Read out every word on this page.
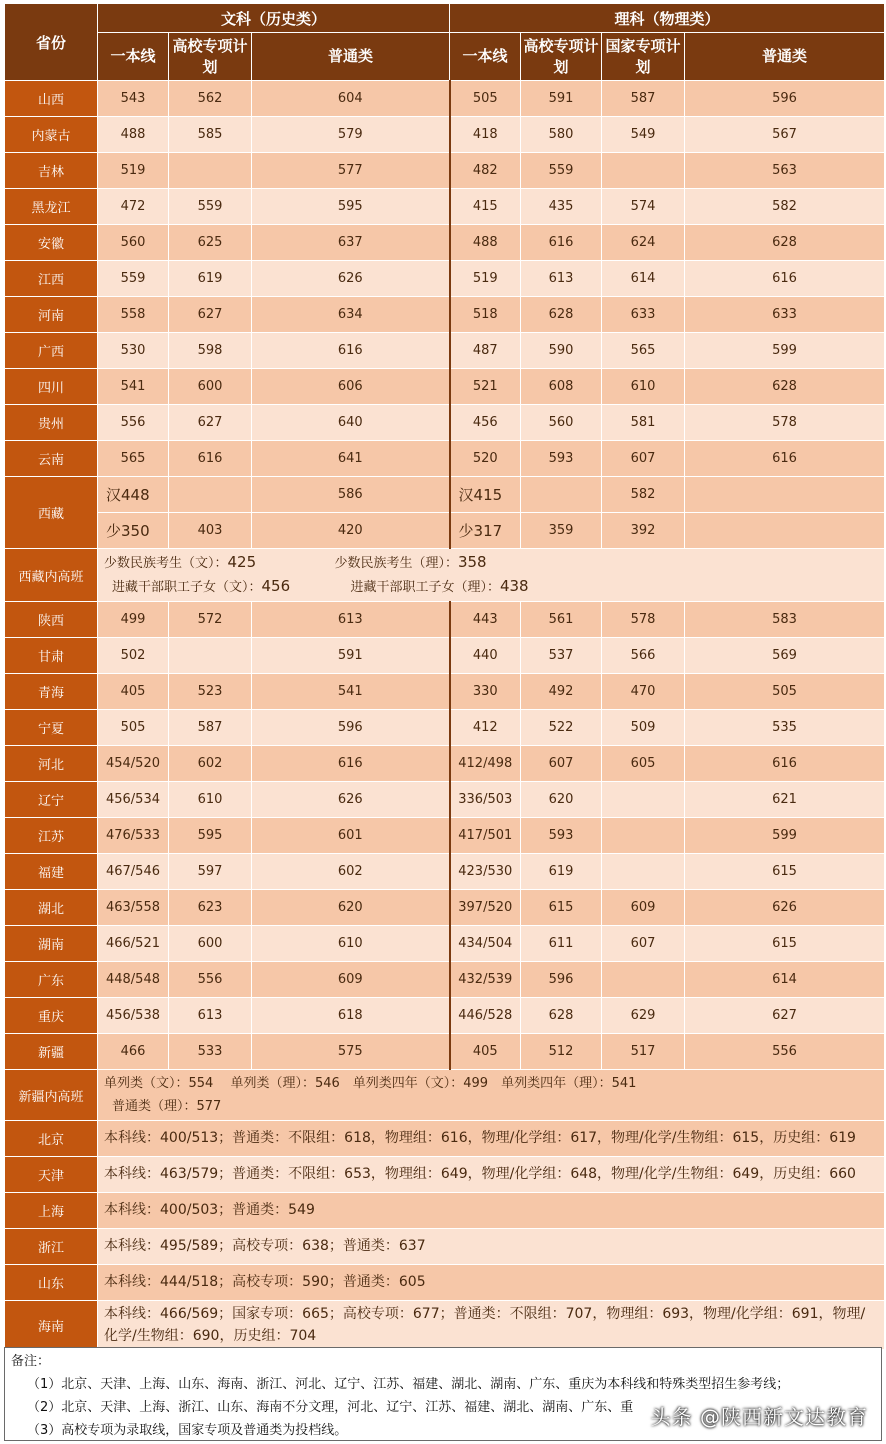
省份	文科（历史类）			理科（物理类）			
	一本线	高校专项计划	普通类	一本线	高校专项计划	国家专项计划	普通类
山西	543	562	604	505	591	587	596
内蒙古	488	585	579	418	580	549	567
吉林	519		577	482	559		563
黑龙江	472	559	595	415	435	574	582
安徽	560	625	637	488	616	624	628
江西	559	619	626	519	613	614	616
河南	558	627	634	518	628	633	633
广西	530	598	616	487	590	565	599
四川	541	600	606	521	608	610	628
贵州	556	627	640	456	560	581	578
云南	565	616	641	520	593	607	616
西藏	汉448		586	汉415		582	
	少350	403	420	少317	359	392	
西藏内高班	少数民族考生（文）：425 少数民族考生（理）：358
进藏干部职工子女（文）：456 进藏干部职工子女（理）：438						

陕西	499	572	613	443	561	578	583
甘肃	502		591	440	537	566	569
青海	405	523	541	330	492	470	505
宁夏	505	587	596	412	522	509	535
河北	454/520	602	616	412/498	607	605	616
辽宁	456/534	610	626	336/503	620		621
江苏	476/533	595	601	417/501	593		599
福建	467/546	597	602	423/530	619		615
湖北	463/558	623	620	397/520	615	609	626
湖南	466/521	600	610	434/504	611	607	615
广东	448/548	556	609	432/539	596		614
重庆	456/538	613	618	446/528	628	629	627
新疆	466	533	575	405	512	517	556
新疆内高班	单列类（文）：554　 单列类（理）：546　单列类四年（文）：499　单列类四年（理）：541
普通类（理）：577						

北京	本科线：400/513；普通类：不限组：618，物理组：616，物理/化学组：617，物理/化学/生物组：615，历史组：619						
天津	本科线：463/579；普通类：不限组：653，物理组：649，物理/化学组：648，物理/化学/生物组：649，历史组：660						
上海	本科线：400/503；普通类：549						
浙江	本科线：495/589；高校专项：638；普通类：637						
山东	本科线：444/518；高校专项：590；普通类：605						
海南	本科线：466/569；国家专项：665；高校专项：677；普通类：不限组：707，物理组：693，物理/化学组：691，物理/化学/生物组：690，历史组：704						
备注：
（1）北京、天津、上海、山东、海南、浙江、河北、辽宁、江苏、福建、湖北、湖南、广东、重庆为本科线和特殊类型招生参考线；
（2）北京、天津、上海、浙江、山东、海南不分文理，河北、辽宁、江苏、福建、湖北、湖南、广东、重
（3）高校专项为录取线，国家专项及普通类为投档线。
头条 @陕西新文达教育
